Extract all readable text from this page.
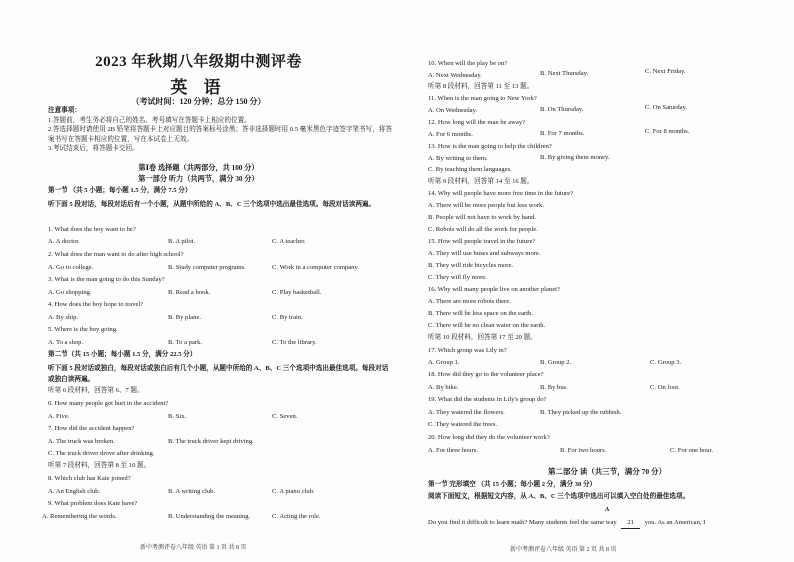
2023 年秋期八年级期中测评卷
英 语
（考试时间：120 分钟；总分 150 分）
注意事项：
1.答题前，考生务必将自己的姓名、考号填写在答题卡上相应的位置。
2.答选择题时请使用 2B 铅笔将答题卡上对应题目的答案标号涂黑；答非选择题时用 0.5 毫米黑色字迹签字笔书写，将答案书写在答题卡相应的位置，写在本试卷上无效。
3.考试结束后，将答题卡交回。
第Ⅰ卷 选择题（共两部分，共 100 分）
第一部分 听力（共两节，满分 30 分）
第一节 （共 5 小题；每小题 1.5 分，满分 7.5 分）
听下面 5 段对话，每段对话后有一个小题，从题中所给的 A、B、C 三个选项中选出最佳选项。每段对话读两遍。
1. What does the boy want to be?
A. A doctor.	B. A pilot.	C. A teacher.
2. What does the man want to do after high school?
A. Go to college.	B. Study computer programs.	C. Work in a computer company.
3. What is the man going to do this Sunday?
A. Go shopping.	B. Read a book.	C. Play basketball.
4. How does the boy hope to travel?
A. By ship.	B. By plane.	C. By train.
5. Where is the boy going.
A. To a shop.	B. To a park.	C. To the library.
第二节（共 15 小题；每小题 1.5 分，满分 22.5 分）
听下面 5 段对话或独白，每段对话或独白后有几个小题，从题中所给的 A、B、C 三个选项中选出最佳选项。每段对话或独白读两遍。
听第 6 段材料，回答第 6、7 题。
6. How many people got hurt in the accident?
A. Five.	B. Six.	C. Seven.
7. How did the accident happen?
A. The truck was broken.	B. The truck driver kept driving.
C. The truck driver drove after drinking.
听第 7 段材料，回答第 8 至 10 题。
8. Which club has Kate joined?
A. An English club.	B. A writing club.	C. A piano club.
9. What problem does Kate have?
A. Remembering the words.	B. Understanding the meaning.	C. Acting the role.
新中考测评卷八年级 英语 第 1 页 共 8 页
10. When will the play be on?
A. Next Wednesday.	B. Next Thursday.	C. Next Friday.
听第 8 段材料，回答第 11 至 13 题。
11. When is the man going to New York?
A. On Wednesday.	B. On Thursday.	C. On Saturday.
12. How long will the man be away?
A. For 6 months.	B. For 7 months.	C. For 8 months.
13. How is the man going to help the children?
A. By writing to them.	B. By giving them money.
C. By teaching them languages.
听第 9 段材料，回答第 14 至 16 题。
14. Why will people have more free time in the future?
A. There will be more people but less work.
B. People will not have to work by hand.
C. Robots will do all the work for people.
15. How will people travel in the future?
A. They will use buses and subways more.
B. They will ride bicycles more.
C. They will fly more.
16. Why will many people live on another planet?
A. There are more robots there.
B. There will be less space on the earth.
C. There will be no clean water on the earth.
听第 10 段材料，回答第 17 至 20 题。
17. Which group was Lily in?
A. Group 1.	B. Group 2.	C. Group 3.
18. How did they go to the volunteer place?
A. By bike.	B. By bus.	C. On foot.
19. What did the students in Lily's group do?
A. They watered the flowers.	B. They picked up the rubbish.
C. They watered the trees.
20. How long did they do the volunteer work?
A. For three hours.	B. For two hours.	C. For one hour.
第二部分 读（共三节，满分 70 分）
第一节 完形填空 （共 15 小题；每小题 2 分，满分 30 分）
阅读下面短文，根据短文内容，从 A、B、C 三个选项中选出可以填入空白处的最佳选项。
A
Do you find it difficult to learn math? Many students feel the same way 21 you. As an American, I
新中考测评卷八年级 英语 第 2 页 共 8 页
